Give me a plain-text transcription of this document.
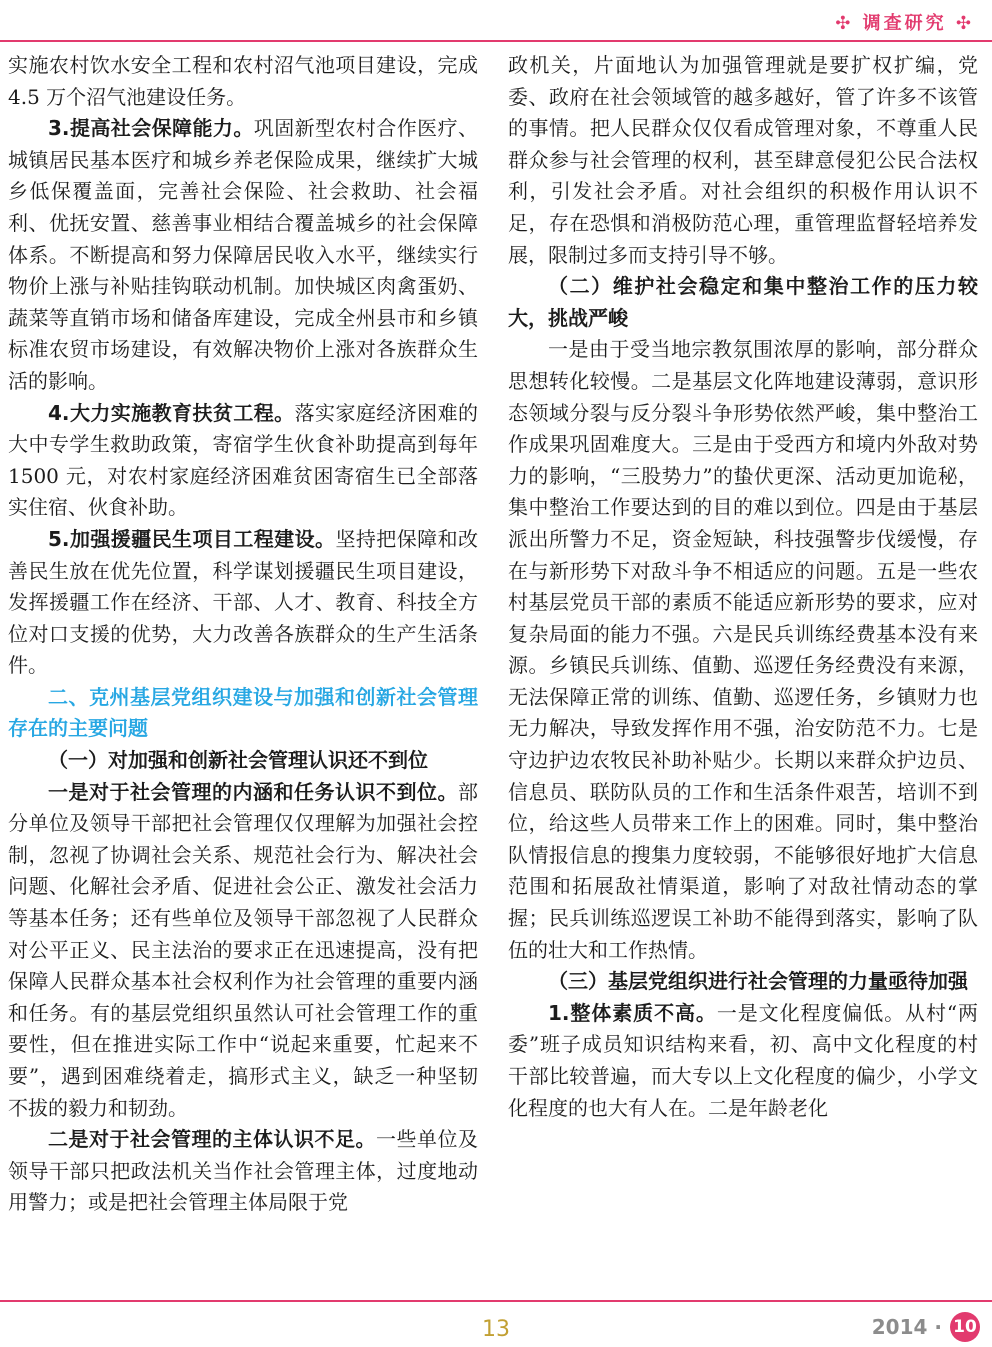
✣ 调查研究 ✣

实施农村饮水安全工程和农村沼气池项目建设，完成 4.5 万个沼气池建设任务。

3.提高社会保障能力。巩固新型农村合作医疗、城镇居民基本医疗和城乡养老保险成果，继续扩大城乡低保覆盖面，完善社会保险、社会救助、社会福利、优抚安置、慈善事业相结合覆盖城乡的社会保障体系。不断提高和努力保障居民收入水平，继续实行物价上涨与补贴挂钩联动机制。加快城区肉禽蛋奶、蔬菜等直销市场和储备库建设，完成全州县市和乡镇标准农贸市场建设，有效解决物价上涨对各族群众生活的影响。

4.大力实施教育扶贫工程。落实家庭经济困难的大中专学生救助政策，寄宿学生伙食补助提高到每年 1500 元，对农村家庭经济困难贫困寄宿生已全部落实住宿、伙食补助。

5.加强援疆民生项目工程建设。坚持把保障和改善民生放在优先位置，科学谋划援疆民生项目建设，发挥援疆工作在经济、干部、人才、教育、科技全方位对口支援的优势，大力改善各族群众的生产生活条件。

二、克州基层党组织建设与加强和创新社会管理存在的主要问题

（一）对加强和创新社会管理认识还不到位

一是对于社会管理的内涵和任务认识不到位。部分单位及领导干部把社会管理仅仅理解为加强社会控制，忽视了协调社会关系、规范社会行为、解决社会问题、化解社会矛盾、促进社会公正、激发社会活力等基本任务；还有些单位及领导干部忽视了人民群众对公平正义、民主法治的要求正在迅速提高，没有把保障人民群众基本社会权利作为社会管理的重要内涵和任务。有的基层党组织虽然认可社会管理工作的重要性，但在推进实际工作中“说起来重要，忙起来不要”，遇到困难绕着走，搞形式主义，缺乏一种坚韧不拔的毅力和韧劲。

二是对于社会管理的主体认识不足。一些单位及领导干部只把政法机关当作社会管理主体，过度地动用警力；或是把社会管理主体局限于党

政机关，片面地认为加强管理就是要扩权扩编，党委、政府在社会领域管的越多越好，管了许多不该管的事情。把人民群众仅仅看成管理对象，不尊重人民群众参与社会管理的权利，甚至肆意侵犯公民合法权利，引发社会矛盾。对社会组织的积极作用认识不足，存在恐惧和消极防范心理，重管理监督轻培养发展，限制过多而支持引导不够。

（二）维护社会稳定和集中整治工作的压力较大，挑战严峻

一是由于受当地宗教氛围浓厚的影响，部分群众思想转化较慢。二是基层文化阵地建设薄弱，意识形态领域分裂与反分裂斗争形势依然严峻，集中整治工作成果巩固难度大。三是由于受西方和境内外敌对势力的影响，“三股势力”的蛰伏更深、活动更加诡秘，集中整治工作要达到的目的难以到位。四是由于基层派出所警力不足，资金短缺，科技强警步伐缓慢，存在与新形势下对敌斗争不相适应的问题。五是一些农村基层党员干部的素质不能适应新形势的要求，应对复杂局面的能力不强。六是民兵训练经费基本没有来源。乡镇民兵训练、值勤、巡逻任务经费没有来源，无法保障正常的训练、值勤、巡逻任务，乡镇财力也无力解决，导致发挥作用不强，治安防范不力。七是守边护边农牧民补助补贴少。长期以来群众护边员、信息员、联防队员的工作和生活条件艰苦，培训不到位，给这些人员带来工作上的困难。同时，集中整治队情报信息的搜集力度较弱，不能够很好地扩大信息范围和拓展敌社情渠道，影响了对敌社情动态的掌握；民兵训练巡逻误工补助不能得到落实，影响了队伍的壮大和工作热情。

（三）基层党组织进行社会管理的力量亟待加强

1.整体素质不高。一是文化程度偏低。从村“两委”班子成员知识结构来看，初、高中文化程度的村干部比较普遍，而大专以上文化程度的偏少，小学文化程度的也大有人在。二是年龄老化

13	2014 · 10
